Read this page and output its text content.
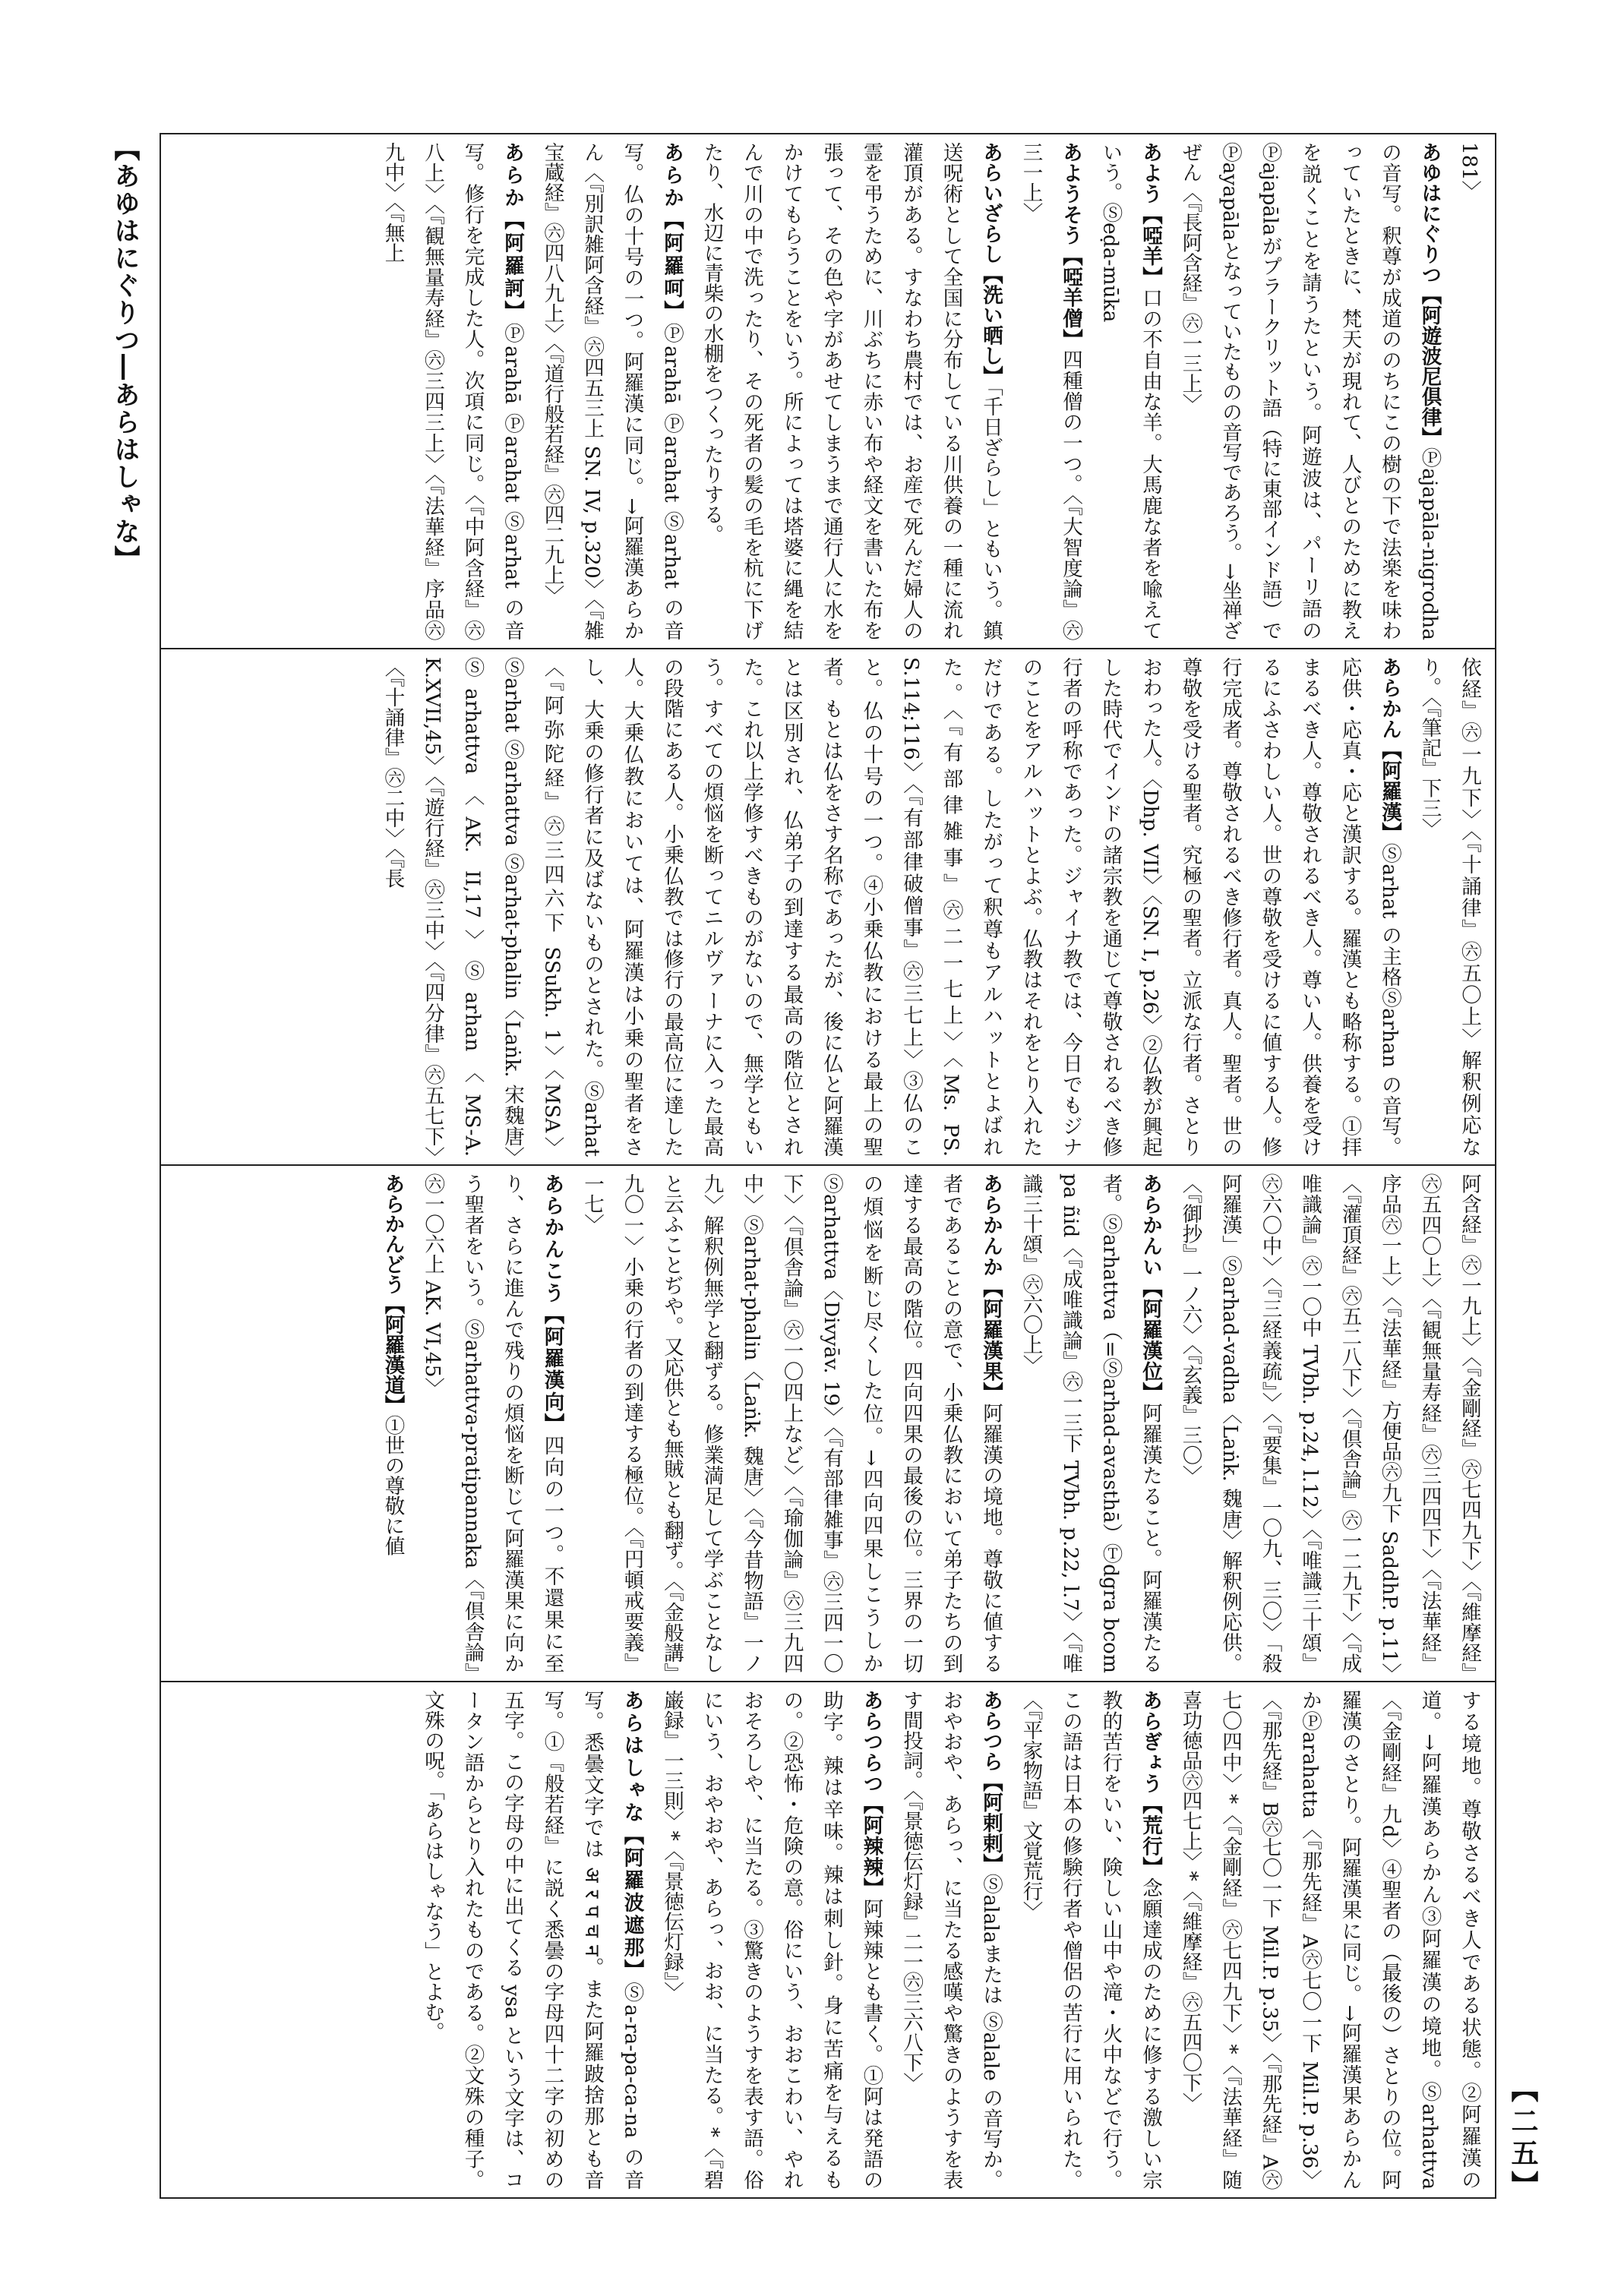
【あゆはにぐりつ―あらはしゃな】	181〉
あゆはにぐりつ【阿遊波尼倶律】Ⓟajapāla-nigrodha の音写。釈尊が成道ののちにこの樹の下で法楽を味わっていたときに、梵天が現れて、人びとのために教えを説くことを請うたという。阿遊波は、パーリ語のⓅajapālaがプラークリット語（特に東部インド語）でⓅayapālaとなっていたものの音写であろう。→坐禅ざぜん〈『長阿含経』㊅一三上〉
あよう【啞羊】口の不自由な羊。大馬鹿な者を喩えていう。Ⓢeḍa-mūka
あようそう【啞羊僧】四種僧の一つ。〈『大智度論』㊅三一上〉
あらいざらし【洗い晒し】「千日ざらし」ともいう。鎮送呪術として全国に分布している川供養の一種に流れ灌頂がある。すなわち農村では、お産で死んだ婦人の霊を弔うために、川ぶちに赤い布や経文を書いた布を張って、その色や字があせてしまうまで通行人に水をかけてもらうことをいう。所によっては塔婆に縄を結んで川の中で洗ったり、その死者の髪の毛を杭に下げたり、水辺に青柴の水棚をつくったりする。
あらか【阿羅呵】Ⓟarahā Ⓟarahat Ⓢarhat の音写。仏の十号の一つ。阿羅漢に同じ。→阿羅漢あらかん〈『別訳雑阿含経』㊅四五三上 SN. IV, p.320〉〈『雑宝蔵経』㊅四八九上〉〈『道行般若経』㊅四二九上〉
あらか【阿羅訶】Ⓟarahā Ⓟarahat Ⓢarhat の音写。修行を完成した人。次項に同じ。〈『中阿含経』㊅八上〉〈『観無量寿経』㊅三四三上〉〈『法華経』序品㊅九中〉〈『無上
依経』㊅一九下〉〈『十誦律』㊅五〇上〉解釈例応なり。〈『筆記』下三〉
あらかん【阿羅漢】Ⓢarhat の主格Ⓢarhan の音写。応供・応真・応と漢訳する。羅漢とも略称する。①拝まるべき人。尊敬されるべき人。尊い人。供養を受けるにふさわしい人。世の尊敬を受けるに値する人。修行完成者。尊敬されるべき修行者。真人。聖者。世の尊敬を受ける聖者。究極の聖者。立派な行者。さとりおわった人。〈Dhp. VII〉〈SN. I, p.26〉②仏教が興起した時代でインドの諸宗教を通じて尊敬されるべき修行者の呼称であった。ジャイナ教では、今日でもジナのことをアルハットとよぶ。仏教はそれをとり入れただけである。したがって釈尊もアルハットとよばれた。〈『有部律雑事』㊅二一七上〉〈Ms. PS. S.114;116〉〈『有部律破僧事』㊅三七上〉③仏のこと。仏の十号の一つ。④小乗仏教における最上の聖者。もとは仏をさす名称であったが、後に仏と阿羅漢とは区別され、仏弟子の到達する最高の階位とされた。これ以上学修すべきものがないので、無学ともいう。すべての煩悩を断ってニルヴァーナに入った最高の段階にある人。小乗仏教では修行の最高位に達した人。大乗仏教においては、阿羅漢は小乗の聖者をさし、大乗の修行者に及ばないものとされた。Ⓢarhat〈『阿弥陀経』㊅三四六下 SSukh. 1〉〈MSA〉Ⓢarhat Ⓢarhattva Ⓢarhat-phalin〈Laṅk. 宋魏唐〉Ⓢarhattva〈AK. II,17〉Ⓢarhan〈MS-A. K.XVII,45〉〈『遊行経』㊅三中〉〈『四分律』㊅五七下〉〈『十誦律』㊅二中〉〈『長
阿含経』㊅一九上〉〈『金剛経』㊅七四九下〉〈『維摩経』㊅五四〇上〉〈『観無量寿経』㊅三四四下〉〈『法華経』序品㊅一上〉〈『法華経』方便品㊅九下 SaddhP. p.11〉〈『灌頂経』㊅五二八下〉〈『倶舎論』㊅一二九下〉〈『成唯識論』㊅一〇中 TVbh. p.24, l.12〉〈『唯識三十頌』㊅六〇中〉〈『三経義疏』〉〈『要集』一〇九、三〇〉「殺阿羅漢」Ⓢarhad-vadha〈Laṅk. 魏唐〉解釈例応供。〈『御抄』一ノ六〉〈『玄義』三〇〉
あらかんい【阿羅漢位】阿羅漢たること。阿羅漢たる者。Ⓢarhattva（=Ⓢarhad-avasthā）Ⓣdgra bcom pa ñid〈『成唯識論』㊅一三下 TVbh. p.22, l.7〉〈『唯識三十頌』㊅六〇上〉
あらかんか【阿羅漢果】阿羅漢の境地。尊敬に値する者であることの意で、小乗仏教において弟子たちの到達する最高の階位。四向四果の最後の位。三界の一切の煩悩を断じ尽くした位。→四向四果しこうしかⓈarhattva〈Divyāv. 19〉〈『有部律雑事』㊅三四一〇下〉〈『倶舎論』㊅一〇四上など〉〈『瑜伽論』㊅三九四中〉Ⓢarhat-phalin〈Laṅk. 魏唐〉〈『今昔物語』一ノ九〉解釈例無学と翻ずる。修業満足して学ぶことなしと云ふことぢや。又応供とも無賊とも翻ず。〈『金般講』九〇一〉小乗の行者の到達する極位。〈『円頓戒要義』一七〉
あらかんこう【阿羅漢向】四向の一つ。不還果に至り、さらに進んで残りの煩悩を断じて阿羅漢果に向かう聖者をいう。Ⓢarhattva-pratipannaka〈『倶舎論』㊅一〇六上 AK. VI,45〉
あらかんどう【阿羅漢道】①世の尊敬に値
する境地。尊敬さるべき人である状態。②阿羅漢の道。→阿羅漢あらかん③阿羅漢の境地。Ⓢarhattva〈『金剛経』九d〉④聖者の（最後の）さとりの位。阿羅漢のさとり。阿羅漢果に同じ。→阿羅漢果あらかんかⓅarahatta〈『那先経』A㊅七〇一下 Mil.P. p.36〉〈『那先経』B㊅七〇一下 Mil.P. p.35〉〈『那先経』A㊅七〇四中〉*〈『金剛経』㊅七四九下〉*〈『法華経』随喜功徳品㊅四七上〉*〈『維摩経』㊅五四〇下〉
あらぎょう【荒行】念願達成のために修する激しい宗教的苦行をいい、険しい山中や滝・火中などで行う。この語は日本の修験行者や僧侶の苦行に用いられた。〈『平家物語』文覚荒行〉
あらつら【阿剌剌】Ⓢalalaまたは Ⓢalale の音写か。おやおや、あらっ、に当たる感嘆や驚きのようすを表す間投詞。〈『景徳伝灯録』二一㊅三六八下〉
あらつらつ【阿辣辣】阿辣辣とも書く。①阿は発語の助字。辣は辛味。辣は刺し針。身に苦痛を与えるもの。②恐怖・危険の意。俗にいう、おおこわい、やれおそろしや、に当たる。③驚きのようすを表す語。俗にいう、おやおや、あらっ、おお、に当たる。*〈『碧巌録』一三則〉*〈『景徳伝灯録』〉
あらはしゃな【阿羅波遮那】Ⓢa-ra-pa-ca-na の音写。悉曇文字では अ र प च न。また阿羅跛捨那とも音写。①『般若経』に説く悉曇の字母四十二字の初めの五字。この字母の中に出てくる ysa という文字は、コータン語からとり入れたものである。②文殊の種子。文殊の呪。「あらはしゃなう」とよむ。
【二五】
